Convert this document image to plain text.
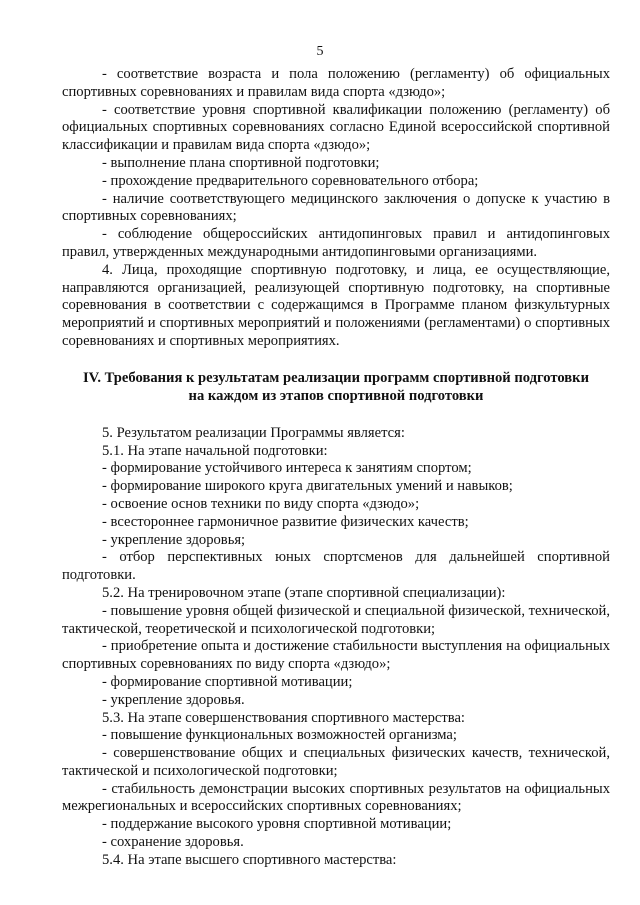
5

- соответствие возраста и пола положению (регламенту) об официальных спортивных соревнованиях и правилам вида спорта «дзюдо»;

- соответствие уровня спортивной квалификации положению (регламенту) об официальных спортивных соревнованиях согласно Единой всероссийской спортивной классификации и правилам вида спорта «дзюдо»;

- выполнение плана спортивной подготовки;

- прохождение предварительного соревновательного отбора;

- наличие соответствующего медицинского заключения о допуске к участию в спортивных соревнованиях;

- соблюдение общероссийских антидопинговых правил и антидопинговых правил, утвержденных международными антидопинговыми организациями.

4. Лица, проходящие спортивную подготовку, и лица, ее осуществляющие, направляются организацией, реализующей спортивную подготовку, на спортивные соревнования в соответствии с содержащимся в Программе планом физкультурных мероприятий и спортивных мероприятий и положениями (регламентами) о спортивных соревнованиях и спортивных мероприятиях.

IV. Требования к результатам реализации программ спортивной подготовки
на каждом из этапов спортивной подготовки

5. Результатом реализации Программы является:

5.1. На этапе начальной подготовки:

- формирование устойчивого интереса к занятиям спортом;

- формирование широкого круга двигательных умений и навыков;

- освоение основ техники по виду спорта «дзюдо»;

- всестороннее гармоничное развитие физических качеств;

- укрепление здоровья;

- отбор перспективных юных спортсменов для дальнейшей спортивной подготовки.

5.2. На тренировочном этапе (этапе спортивной специализации):

- повышение уровня общей физической и специальной физической, технической, тактической, теоретической и психологической подготовки;

- приобретение опыта и достижение стабильности выступления на официальных спортивных соревнованиях по виду спорта «дзюдо»;

- формирование спортивной мотивации;

- укрепление здоровья.

5.3. На этапе совершенствования спортивного мастерства:

- повышение функциональных возможностей организма;

- совершенствование общих и специальных физических качеств, технической, тактической и психологической подготовки;

- стабильность демонстрации высоких спортивных результатов на официальных межрегиональных и всероссийских спортивных соревнованиях;

- поддержание высокого уровня спортивной мотивации;

- сохранение здоровья.

5.4. На этапе высшего спортивного мастерства:
